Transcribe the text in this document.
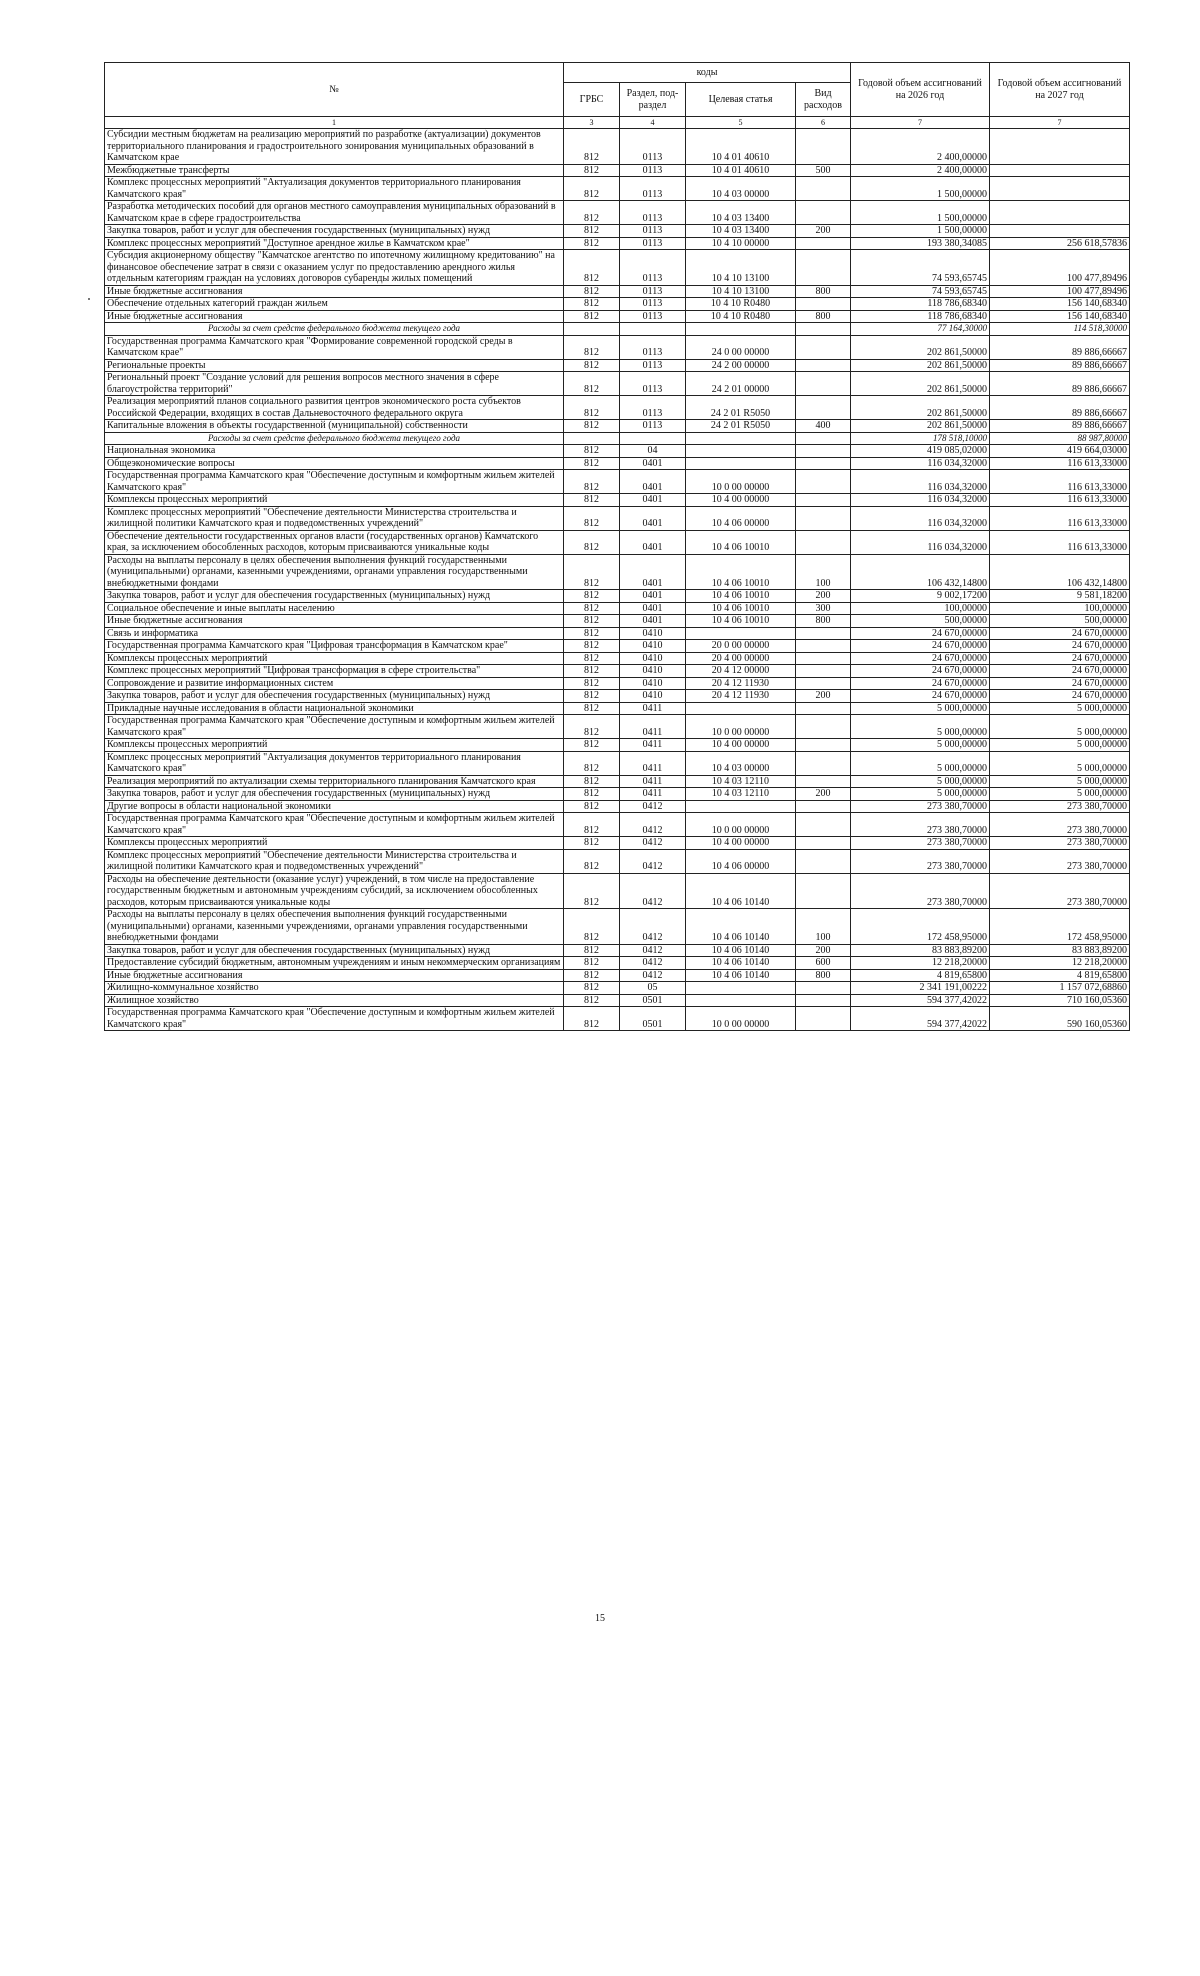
№	коды				Годовой объем ассигнований на 2026 год	Годовой объем ассигнований на 2027 год
	ГРБС	Раздел, под-раздел	Целевая статья	Вид расходов		
1	3	4	5	6	7	7
Субсидии местным бюджетам на реализацию мероприятий по разработке (актуализации) документов территориального планирования и градостроительного зонирования муниципальных образований в Камчатском крае	812	0113	10 4 01 40610		2 400,00000	
Межбюджетные трансферты	812	0113	10 4 01 40610	500	2 400,00000	
Комплекс процессных мероприятий "Актуализация документов территориального планирования Камчатского края"	812	0113	10 4 03 00000		1 500,00000	
Разработка методических пособий для органов местного самоуправления муниципальных образований в Камчатском крае в сфере градостроительства	812	0113	10 4 03 13400		1 500,00000	
Закупка товаров, работ и услуг для обеспечения государственных (муниципальных) нужд	812	0113	10 4 03 13400	200	1 500,00000	
Комплекс процессных мероприятий "Доступное арендное жилье в Камчатском крае"	812	0113	10 4 10 00000		193 380,34085	256 618,57836
Субсидия акционерному обществу "Камчатское агентство по ипотечному жилищному кредитованию" на финансовое обеспечение затрат в связи с оказанием услуг по предоставлению арендного жилья отдельным категориям граждан на условиях договоров субаренды жилых помещений	812	0113	10 4 10 13100		74 593,65745	100 477,89496
Иные бюджетные ассигнования	812	0113	10 4 10 13100	800	74 593,65745	100 477,89496
Обеспечение отдельных категорий граждан жильем	812	0113	10 4 10 R0480		118 786,68340	156 140,68340
Иные бюджетные ассигнования	812	0113	10 4 10 R0480	800	118 786,68340	156 140,68340
Расходы за счет средств федерального бюджета текущего года					77 164,30000	114 518,30000
Государственная программа Камчатского края "Формирование современной городской среды в Камчатском крае"	812	0113	24 0 00 00000		202 861,50000	89 886,66667
Региональные проекты	812	0113	24 2 00 00000		202 861,50000	89 886,66667
Региональный проект "Создание условий для решения вопросов местного значения в сфере благоустройства территорий"	812	0113	24 2 01 00000		202 861,50000	89 886,66667
Реализация мероприятий планов социального развития центров экономического роста субъектов Российской Федерации, входящих в состав Дальневосточного федерального округа	812	0113	24 2 01 R5050		202 861,50000	89 886,66667
Капитальные вложения в объекты государственной (муниципальной) собственности	812	0113	24 2 01 R5050	400	202 861,50000	89 886,66667
Расходы за счет средств федерального бюджета текущего года					178 518,10000	88 987,80000
Национальная экономика	812	04			419 085,02000	419 664,03000
Общеэкономические вопросы	812	0401			116 034,32000	116 613,33000
Государственная программа Камчатского края "Обеспечение доступным и комфортным жильем жителей Камчатского края"	812	0401	10 0 00 00000		116 034,32000	116 613,33000
Комплексы процессных мероприятий	812	0401	10 4 00 00000		116 034,32000	116 613,33000
Комплекс процессных мероприятий "Обеспечение деятельности Министерства строительства и жилищной политики Камчатского края и подведомственных учреждений"	812	0401	10 4 06 00000		116 034,32000	116 613,33000
Обеспечение деятельности государственных органов власти (государственных органов) Камчатского края, за исключением обособленных расходов, которым присваиваются уникальные коды	812	0401	10 4 06 10010		116 034,32000	116 613,33000
Расходы на выплаты персоналу в целях обеспечения выполнения функций государственными (муниципальными) органами, казенными учреждениями, органами управления государственными внебюджетными фондами	812	0401	10 4 06 10010	100	106 432,14800	106 432,14800
Закупка товаров, работ и услуг для обеспечения государственных (муниципальных) нужд	812	0401	10 4 06 10010	200	9 002,17200	9 581,18200
Социальное обеспечение и иные выплаты населению	812	0401	10 4 06 10010	300	100,00000	100,00000
Иные бюджетные ассигнования	812	0401	10 4 06 10010	800	500,00000	500,00000
Связь и информатика	812	0410			24 670,00000	24 670,00000
Государственная программа Камчатского края "Цифровая трансформация в Камчатском крае"	812	0410	20 0 00 00000		24 670,00000	24 670,00000
Комплексы процессных мероприятий	812	0410	20 4 00 00000		24 670,00000	24 670,00000
Комплекс процессных мероприятий "Цифровая трансформация в сфере строительства"	812	0410	20 4 12 00000		24 670,00000	24 670,00000
Сопровождение и развитие информационных систем	812	0410	20 4 12 11930		24 670,00000	24 670,00000
Закупка товаров, работ и услуг для обеспечения государственных (муниципальных) нужд	812	0410	20 4 12 11930	200	24 670,00000	24 670,00000
Прикладные научные исследования в области национальной экономики	812	0411			5 000,00000	5 000,00000
Государственная программа Камчатского края "Обеспечение доступным и комфортным жильем жителей Камчатского края"	812	0411	10 0 00 00000		5 000,00000	5 000,00000
Комплексы процессных мероприятий	812	0411	10 4 00 00000		5 000,00000	5 000,00000
Комплекс процессных мероприятий "Актуализация документов территориального планирования Камчатского края"	812	0411	10 4 03 00000		5 000,00000	5 000,00000
Реализация мероприятий по актуализации схемы территориального планирования Камчатского края	812	0411	10 4 03 12110		5 000,00000	5 000,00000
Закупка товаров, работ и услуг для обеспечения государственных (муниципальных) нужд	812	0411	10 4 03 12110	200	5 000,00000	5 000,00000
Другие вопросы в области национальной экономики	812	0412			273 380,70000	273 380,70000
Государственная программа Камчатского края "Обеспечение доступным и комфортным жильем жителей Камчатского края"	812	0412	10 0 00 00000		273 380,70000	273 380,70000
Комплексы процессных мероприятий	812	0412	10 4 00 00000		273 380,70000	273 380,70000
Комплекс процессных мероприятий "Обеспечение деятельности Министерства строительства и жилищной политики Камчатского края и подведомственных учреждений"	812	0412	10 4 06 00000		273 380,70000	273 380,70000
Расходы на обеспечение деятельности (оказание услуг) учреждений, в том числе на предоставление государственным бюджетным и автономным учреждениям субсидий, за исключением обособленных расходов, которым присваиваются уникальные коды	812	0412	10 4 06 10140		273 380,70000	273 380,70000
Расходы на выплаты персоналу в целях обеспечения выполнения функций государственными (муниципальными) органами, казенными учреждениями, органами управления государственными внебюджетными фондами	812	0412	10 4 06 10140	100	172 458,95000	172 458,95000
Закупка товаров, работ и услуг для обеспечения государственных (муниципальных) нужд	812	0412	10 4 06 10140	200	83 883,89200	83 883,89200
Предоставление субсидий бюджетным, автономным учреждениям и иным некоммерческим организациям	812	0412	10 4 06 10140	600	12 218,20000	12 218,20000
Иные бюджетные ассигнования	812	0412	10 4 06 10140	800	4 819,65800	4 819,65800
Жилищно-коммунальное хозяйство	812	05			2 341 191,00222	1 157 072,68860
Жилищное хозяйство	812	0501			594 377,42022	710 160,05360
Государственная программа Камчатского края "Обеспечение доступным и комфортным жильем жителей Камчатского края"	812	0501	10 0 00 00000		594 377,42022	590 160,05360
15
